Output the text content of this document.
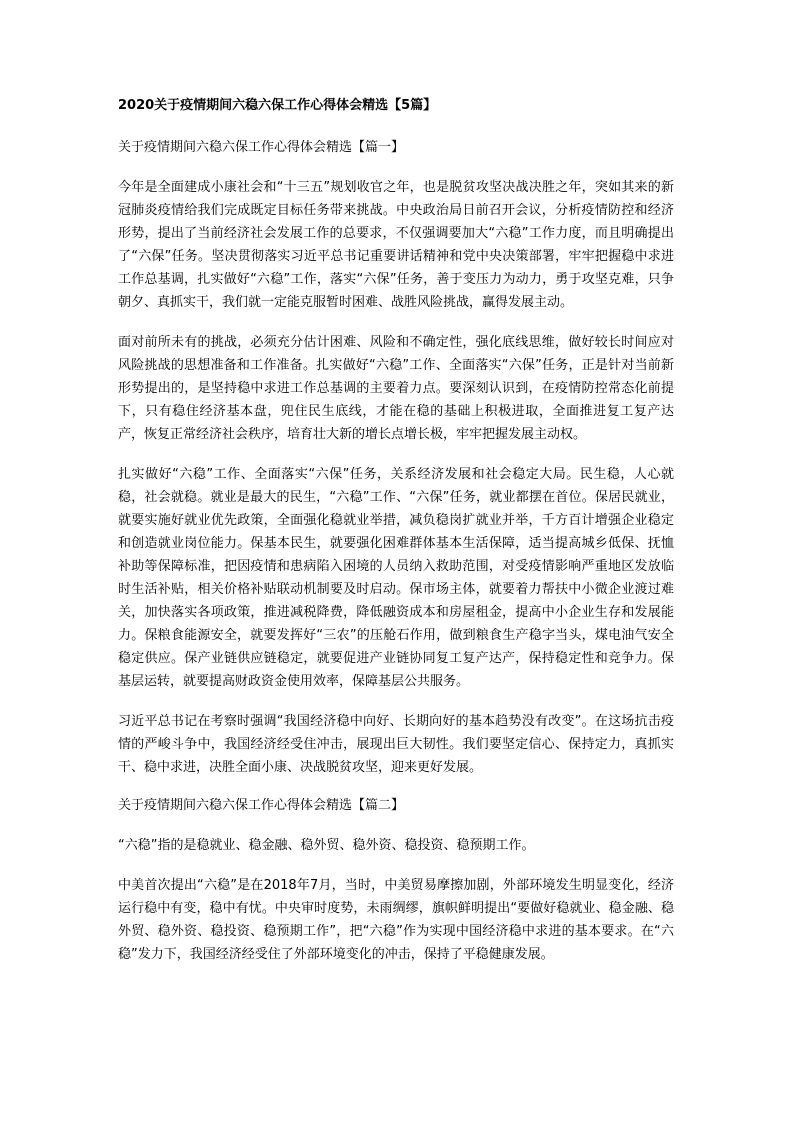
2020关于疫情期间六稳六保工作心得体会精选【5篇】
关于疫情期间六稳六保工作心得体会精选【篇一】

今年是全面建成小康社会和“十三五”规划收官之年，也是脱贫攻坚决战决胜之年，突如其来的新冠肺炎疫情给我们完成既定目标任务带来挑战。中央政治局日前召开会议，分析疫情防控和经济形势，提出了当前经济社会发展工作的总要求，不仅强调要加大“六稳”工作力度，而且明确提出了“六保”任务。坚决贯彻落实习近平总书记重要讲话精神和党中央决策部署，牢牢把握稳中求进工作总基调，扎实做好“六稳”工作，落实“六保”任务，善于变压力为动力，勇于攻坚克难，只争朝夕、真抓实干，我们就一定能克服暂时困难、战胜风险挑战，赢得发展主动。

面对前所未有的挑战，必须充分估计困难、风险和不确定性，强化底线思维，做好较长时间应对风险挑战的思想准备和工作准备。扎实做好“六稳”工作、全面落实“六保”任务，正是针对当前新形势提出的，是坚持稳中求进工作总基调的主要着力点。要深刻认识到，在疫情防控常态化前提下，只有稳住经济基本盘，兜住民生底线，才能在稳的基础上积极进取，全面推进复工复产达产，恢复正常经济社会秩序，培育壮大新的增长点增长极，牢牢把握发展主动权。

扎实做好“六稳”工作、全面落实“六保”任务，关系经济发展和社会稳定大局。民生稳，人心就稳，社会就稳。就业是最大的民生，“六稳”工作、“六保”任务，就业都摆在首位。保居民就业，就要实施好就业优先政策，全面强化稳就业举措，减负稳岗扩就业并举，千方百计增强企业稳定和创造就业岗位能力。保基本民生，就要强化困难群体基本生活保障，适当提高城乡低保、抚恤补助等保障标准，把因疫情和患病陷入困境的人员纳入救助范围，对受疫情影响严重地区发放临时生活补贴，相关价格补贴联动机制要及时启动。保市场主体，就要着力帮扶中小微企业渡过难关，加快落实各项政策，推进减税降费，降低融资成本和房屋租金，提高中小企业生存和发展能力。保粮食能源安全，就要发挥好“三农”的压舱石作用，做到粮食生产稳字当头，煤电油气安全稳定供应。保产业链供应链稳定，就要促进产业链协同复工复产达产，保持稳定性和竞争力。保基层运转，就要提高财政资金使用效率，保障基层公共服务。

习近平总书记在考察时强调“我国经济稳中向好、长期向好的基本趋势没有改变”。在这场抗击疫情的严峻斗争中，我国经济经受住冲击，展现出巨大韧性。我们要坚定信心、保持定力，真抓实干、稳中求进，决胜全面小康、决战脱贫攻坚，迎来更好发展。

关于疫情期间六稳六保工作心得体会精选【篇二】

“六稳”指的是稳就业、稳金融、稳外贸、稳外资、稳投资、稳预期工作。

中美首次提出“六稳”是在2018年7月，当时，中美贸易摩擦加剧，外部环境发生明显变化，经济运行稳中有变，稳中有忧。中央审时度势，未雨绸缪，旗帜鲜明提出“要做好稳就业、稳金融、稳外贸、稳外资、稳投资、稳预期工作”，把“六稳”作为实现中国经济稳中求进的基本要求。在“六稳”发力下，我国经济经受住了外部环境变化的冲击，保持了平稳健康发展。
